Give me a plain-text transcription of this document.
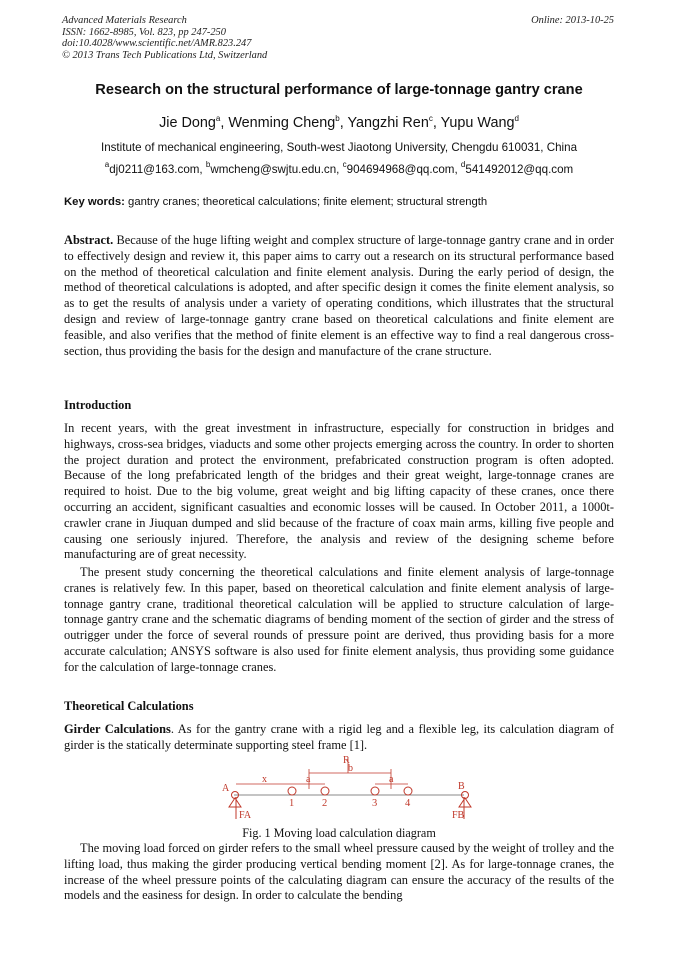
Advanced Materials Research
ISSN: 1662-8985, Vol. 823, pp 247-250
doi:10.4028/www.scientific.net/AMR.823.247
© 2013 Trans Tech Publications Ltd, Switzerland
Online: 2013-10-25
Research on the structural performance of large-tonnage gantry crane
Jie Dong$^a$, Wenming Cheng$^b$, Yangzhi Ren$^c$, Yupu Wang$^d$
Institute of mechanical engineering, South-west Jiaotong University, Chengdu 610031, China
$^a$dj0211@163.com, $^b$wmcheng@swjtu.edu.cn, $^c$904694968@qq.com, $^d$541492012@qq.com
Key words: gantry cranes; theoretical calculations; finite element; structural strength
Abstract. Because of the huge lifting weight and complex structure of large-tonnage gantry crane and in order to effectively design and review it, this paper aims to carry out a research on its structural performance based on the method of theoretical calculation and finite element analysis. During the early period of design, the method of theoretical calculations is adopted, and after specific design it comes the finite element analysis, so as to get the results of analysis under a variety of operating conditions, which illustrates that the structural design and review of large-tonnage gantry crane based on theoretical calculations and finite element are feasible, and also verifies that the method of finite element is an effective way to find a real dangerous cross-section, thus providing the basis for the design and manufacture of the crane structure.
Introduction
In recent years, with the great investment in infrastructure, especially for construction in bridges and highways, cross-sea bridges, viaducts and some other projects emerging across the country. In order to shorten the project duration and protect the environment, prefabricated construction program is often adopted. Because of the long prefabricated length of the bridges and their great weight, large-tonnage cranes are required to hoist. Due to the big volume, great weight and big lifting capacity of these cranes, once there occurring an accident, significant casualties and economic losses will be caused. In October 2011, a 1000t-crawler crane in Jiuquan dumped and slid because of the fracture of coax main arms, killing five people and causing one seriously injured. Therefore, the analysis and review of the designing scheme before manufacturing are of great necessity.
The present study concerning the theoretical calculations and finite element analysis of large-tonnage cranes is relatively few. In this paper, based on theoretical calculation and finite element analysis of large-tonnage gantry crane, traditional theoretical calculation will be applied to structure calculation of large-tonnage gantry crane and the schematic diagrams of bending moment of the section of girder and the stress of outrigger under the force of several rounds of pressure point are derived, thus providing basis for a more accurate calculation; ANSYS software is also used for finite element analysis, thus providing some guidance for the calculation of large-tonnage cranes.
Theoretical Calculations
Girder Calculations. As for the gantry crane with a rigid leg and a flexible leg, its calculation diagram of girder is the statically determinate supporting steel frame [1].
A	B
x	a	a
b
R
FA	FB
1	2	3	4
Fig. 1 Moving load calculation diagram
The moving load forced on girder refers to the small wheel pressure caused by the weight of trolley and the lifting load, thus making the girder producing vertical bending moment [2]. As for large-tonnage cranes, the increase of the wheel pressure points of the calculating diagram can ensure the accuracy of the results of the models and the easiness for design. In order to calculate the bending
